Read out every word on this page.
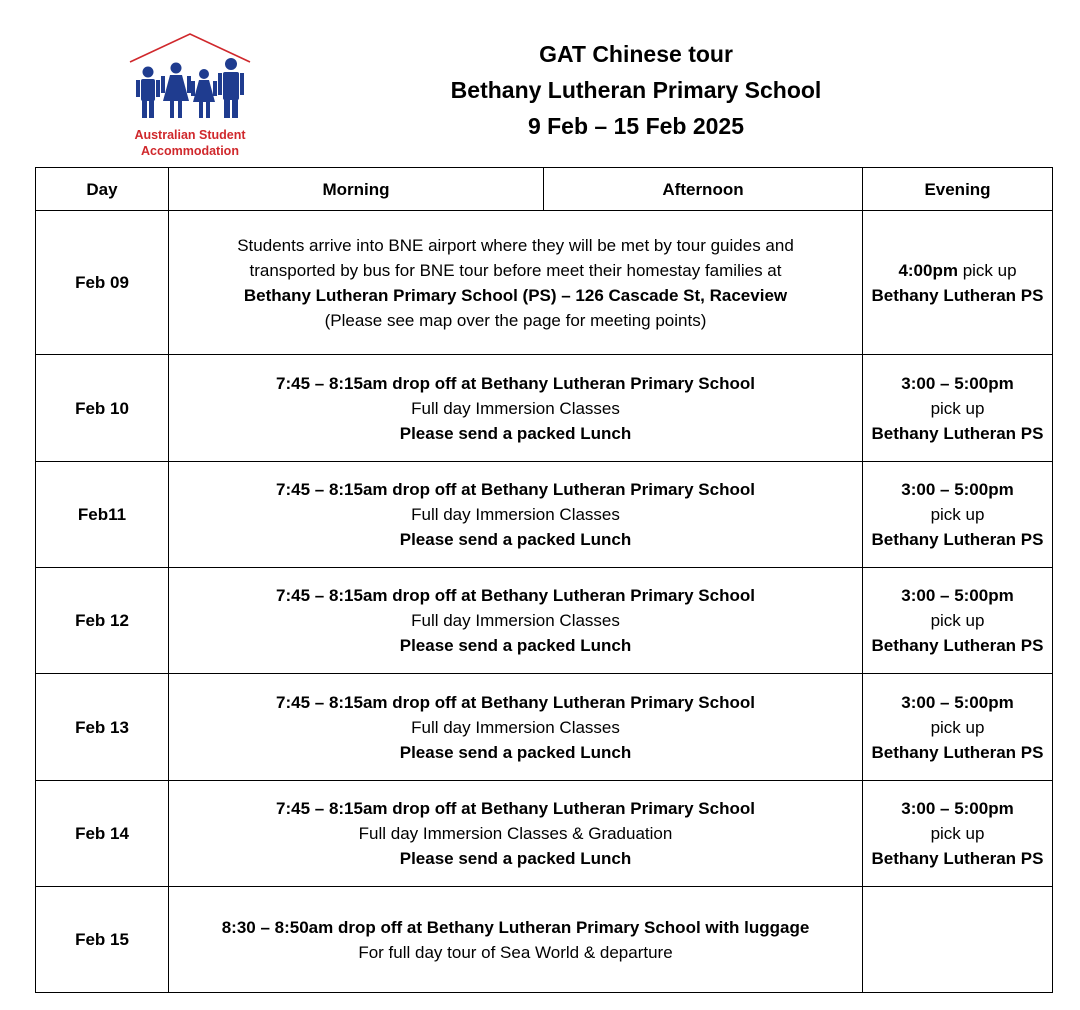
Australian Student
Accommodation
GAT Chinese tour
Bethany Lutheran Primary School
9 Feb – 15 Feb 2025
Day	Morning	Afternoon	Evening
Feb 09	Students arrive into BNE airport where they will be met by tour guides and
transported by bus for BNE tour before meet their homestay families at
Bethany Lutheran Primary School (PS) – 126 Cascade St, Raceview
(Please see map over the page for meeting points)		4:00pm pick up
Bethany Lutheran PS

Feb 10	7:45 – 8:15am drop off at Bethany Lutheran Primary School
Full day Immersion Classes
Please send a packed Lunch		3:00 – 5:00pm
pick up
Bethany Lutheran PS

Feb11	7:45 – 8:15am drop off at Bethany Lutheran Primary School
Full day Immersion Classes
Please send a packed Lunch		3:00 – 5:00pm
pick up
Bethany Lutheran PS

Feb 12	7:45 – 8:15am drop off at Bethany Lutheran Primary School
Full day Immersion Classes
Please send a packed Lunch		3:00 – 5:00pm
pick up
Bethany Lutheran PS

Feb 13	7:45 – 8:15am drop off at Bethany Lutheran Primary School
Full day Immersion Classes
Please send a packed Lunch		3:00 – 5:00pm
pick up
Bethany Lutheran PS

Feb 14	7:45 – 8:15am drop off at Bethany Lutheran Primary School
Full day Immersion Classes & Graduation
Please send a packed Lunch		3:00 – 5:00pm
pick up
Bethany Lutheran PS

Feb 15	8:30 – 8:50am drop off at Bethany Lutheran Primary School with luggage
For full day tour of Sea World & departure		
